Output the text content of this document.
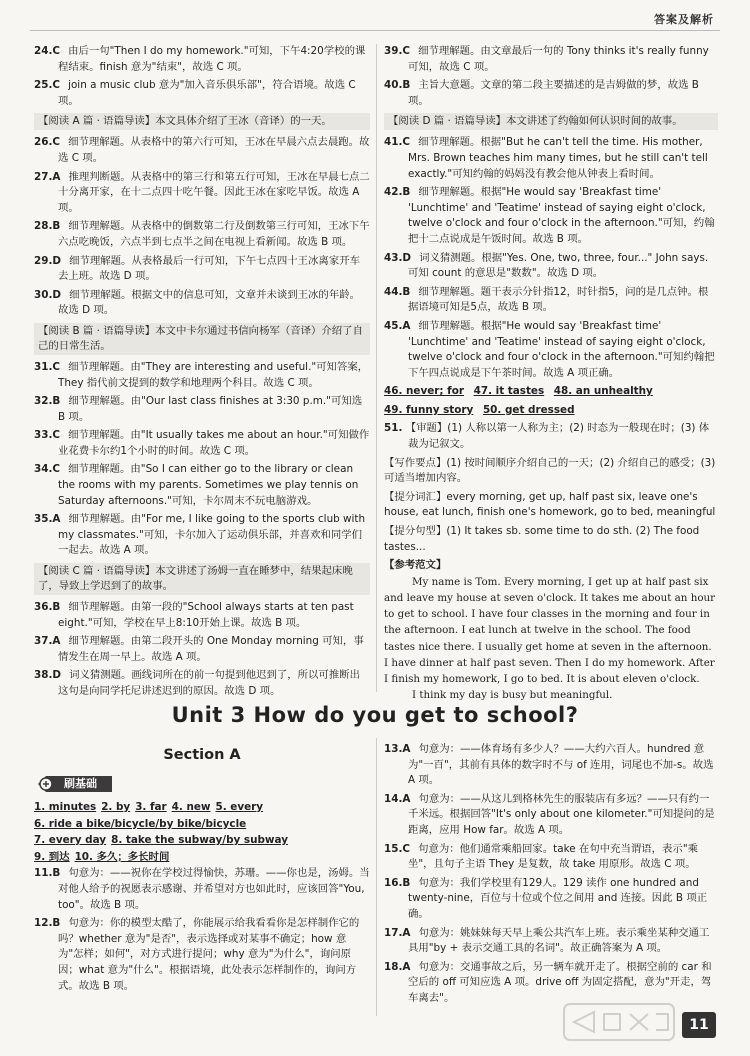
答案及解析
24.C 由后一句"Then I do my homework."可知，下午4:20学校的课程结束。finish 意为"结束"，故选 C 项。
25.C join a music club 意为"加入音乐俱乐部"，符合语境。故选 C 项。
【阅读 A 篇 · 语篇导读】本文具体介绍了王冰（音译）的一天。
26.C 细节理解题。从表格中的第六行可知，王冰在早晨六点去晨跑。故选 C 项。
27.A 推理判断题。从表格中的第三行和第五行可知，王冰在早晨七点二十分离开家，在十二点四十吃午餐。因此王冰在家吃早饭。故选 A 项。
28.B 细节理解题。从表格中的倒数第二行及倒数第三行可知，王冰下午六点吃晚饭，六点半到七点半之间在电视上看新闻。故选 B 项。
29.D 细节理解题。从表格最后一行可知，下午七点四十王冰离家开车去上班。故选 D 项。
30.D 细节理解题。根据文中的信息可知，文章并未谈到王冰的年龄。故选 D 项。
【阅读 B 篇 · 语篇导读】本文中卡尔通过书信向杨军（音译）介绍了自己的日常生活。
31.C 细节理解题。由"They are interesting and useful."可知答案，They 指代前文提到的数学和地理两个科目。故选 C 项。
32.B 细节理解题。由"Our last class finishes at 3:30 p.m."可知选 B 项。
33.C 细节理解题。由"It usually takes me about an hour."可知做作业花费卡尔约1个小时的时间。故选 C 项。
34.C 细节理解题。由"So I can either go to the library or clean the rooms with my parents. Sometimes we play tennis on Saturday afternoons."可知，卡尔周末不玩电脑游戏。
35.A 细节理解题。由"For me, I like going to the sports club with my classmates."可知，卡尔加入了运动俱乐部，并喜欢和同学们一起去。故选 A 项。
【阅读 C 篇 · 语篇导读】本文讲述了汤姆一直在睡梦中，结果起床晚了，导致上学迟到了的故事。
36.B 细节理解题。由第一段的"School always starts at ten past eight."可知，学校在早上8:10开始上课。故选 B 项。
37.A 细节理解题。由第二段开头的 One Monday morning 可知，事情发生在周一早上。故选 A 项。
38.D 词义猜测题。画线词所在的前一句提到他迟到了，所以可推断出这句是向同学托尼讲述迟到的原因。故选 D 项。
39.C 细节理解题。由文章最后一句的 Tony thinks it's really funny 可知，故选 C 项。
40.B 主旨大意题。文章的第二段主要描述的是吉姆做的梦，故选 B 项。
【阅读 D 篇 · 语篇导读】本文讲述了约翰如何认识时间的故事。
41.C 细节理解题。根据"But he can't tell the time. His mother, Mrs. Brown teaches him many times, but he still can't tell exactly."可知约翰的妈妈没有教会他从钟表上看时间。
42.B 细节理解题。根据"He would say 'Breakfast time' 'Lunchtime' and 'Teatime' instead of saying eight o'clock, twelve o'clock and four o'clock in the afternoon."可知，约翰把十二点说成是午饭时间。故选 B 项。
43.D 词义猜测题。根据"Yes. One, two, three, four..." John says. 可知 count 的意思是"数数"。故选 D 项。
44.B 细节理解题。题干表示分针指12，时针指5，问的是几点钟。根据语境可知是5点，故选 B 项。
45.A 细节理解题。根据"He would say 'Breakfast time' 'Lunchtime' and 'Teatime' instead of saying eight o'clock, twelve o'clock and four o'clock in the afternoon."可知约翰把下午四点说成是下午茶时间。故选 A 项正确。
46. never; for 47. it tastes 48. an unhealthy
49. funny story 50. get dressed
51. 【审题】(1) 人称以第一人称为主；(2) 时态为一般现在时；(3) 体裁为记叙文。
【写作要点】(1) 按时间顺序介绍自己的一天；(2) 介绍自己的感受；(3) 可适当增加内容。
【提分词汇】every morning, get up, half past six, leave one's house, eat lunch, finish one's homework, go to bed, meaningful
【提分句型】(1) It takes sb. some time to do sth. (2) The food tastes...
【参考范文】

My name is Tom. Every morning, I get up at half past six and leave my house at seven o'clock. It takes me about an hour to get to school. I have four classes in the morning and four in the afternoon. I eat lunch at twelve in the school. The food tastes nice there. I usually get home at seven in the afternoon. I have dinner at half past seven. Then I do my homework. After I finish my homework, I go to bed. It is about eleven o'clock.

I think my day is busy but meaningful.

Unit 3 How do you get to school?
Section A
刷基础
1. minutes 2. by 3. far 4. new 5. every
6. ride a bike/bicycle/by bike/bicycle
7. every day 8. take the subway/by subway
9. 到达 10. 多久；多长时间
11.B 句意为：——祝你在学校过得愉快，苏珊。——你也是，汤姆。当对他人给予的祝愿表示感谢、并希望对方也如此时，应该回答"You, too"。故选 B 项。
12.B 句意为：你的模型太酷了，你能展示给我看看你是怎样制作它的吗？whether 意为"是否"，表示选择或对某事不确定；how 意为"怎样；如何"，对方式进行提问；why 意为"为什么"，询问原因；what 意为"什么"。根据语境，此处表示怎样制作的，询问方式。故选 B 项。
13.A 句意为：——体育场有多少人？——大约六百人。hundred 意为"一百"，其前有具体的数字时不与 of 连用，词尾也不加-s。故选 A 项。
14.A 句意为：——从这儿到格林先生的服装店有多远？——只有约一千米远。根据回答"It's only about one kilometer."可知提问的是距离，应用 How far。故选 A 项。
15.C 句意为：他们通常乘船回家。take 在句中充当谓语，表示"乘坐"，且句子主语 They 是复数，故 take 用原形。故选 C 项。
16.B 句意为：我们学校里有129人。129 读作 one hundred and twenty-nine，百位与十位或个位之间用 and 连接。因此 B 项正确。
17.A 句意为：姚妹妹每天早上乘公共汽车上班。表示乘坐某种交通工具用"by + 表示交通工具的名词"。故正确答案为 A 项。
18.A 句意为：交通事故之后，另一辆车就开走了。根据空前的 car 和空后的 off 可知应选 A 项。drive off 为固定搭配，意为"开走，驾车离去"。
11
